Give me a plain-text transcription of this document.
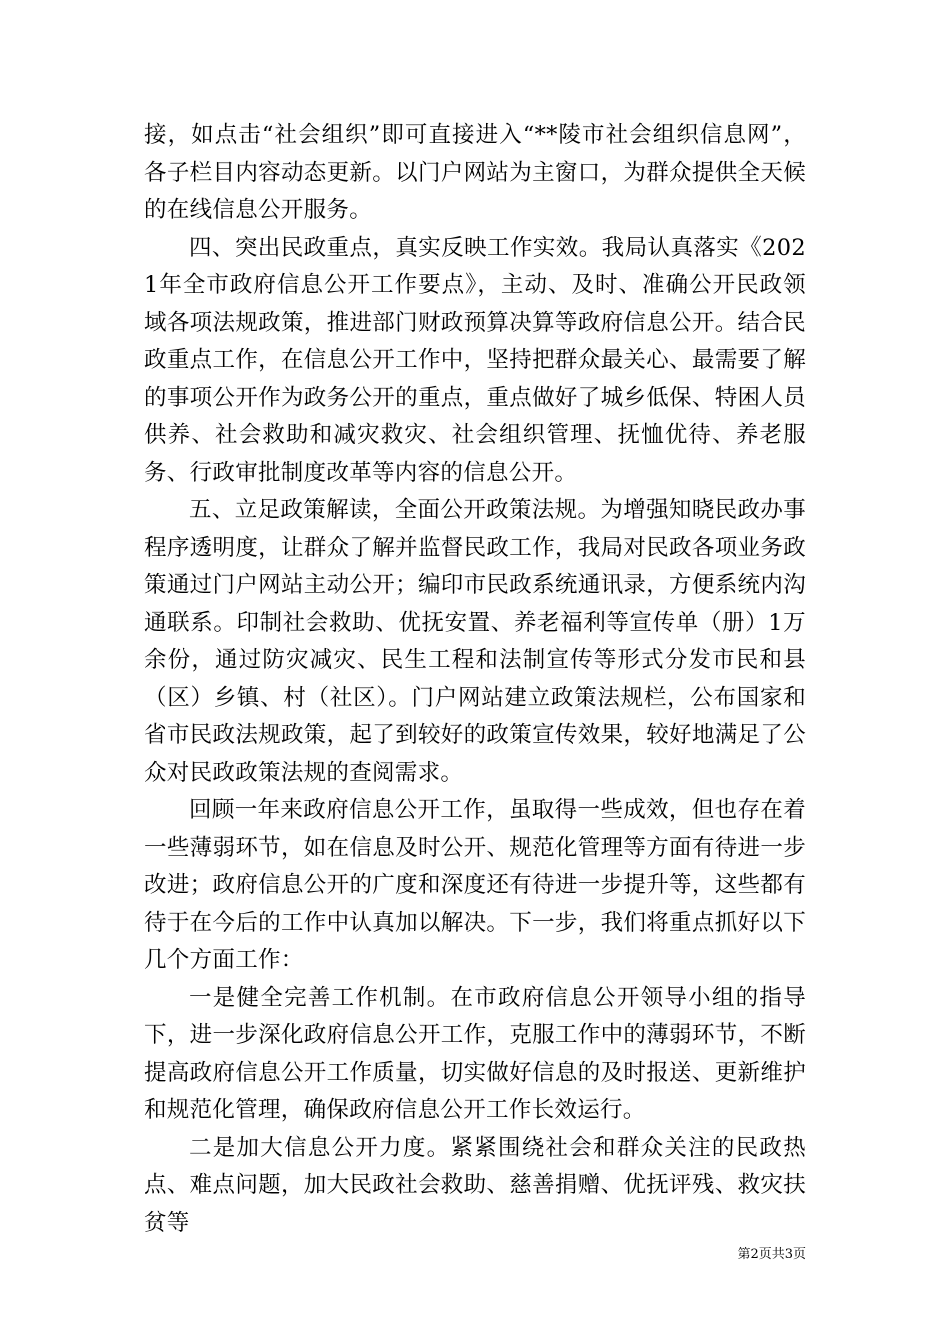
接，如点击“社会组织”即可直接进入“**陵市社会组织信息网”，各子栏目内容动态更新。以门户网站为主窗口，为群众提供全天候的在线信息公开服务。

四、突出民政重点，真实反映工作实效。我局认真落实《2021年全市政府信息公开工作要点》，主动、及时、准确公开民政领域各项法规政策，推进部门财政预算决算等政府信息公开。结合民政重点工作，在信息公开工作中，坚持把群众最关心、最需要了解的事项公开作为政务公开的重点，重点做好了城乡低保、特困人员供养、社会救助和减灾救灾、社会组织管理、抚恤优待、养老服务、行政审批制度改革等内容的信息公开。

五、立足政策解读，全面公开政策法规。为增强知晓民政办事程序透明度，让群众了解并监督民政工作，我局对民政各项业务政策通过门户网站主动公开；编印市民政系统通讯录，方便系统内沟通联系。印制社会救助、优抚安置、养老福利等宣传单（册）1万余份，通过防灾减灾、民生工程和法制宣传等形式分发市民和县（区）乡镇、村（社区）。门户网站建立政策法规栏，公布国家和省市民政法规政策，起了到较好的政策宣传效果，较好地满足了公众对民政政策法规的查阅需求。

回顾一年来政府信息公开工作，虽取得一些成效，但也存在着一些薄弱环节，如在信息及时公开、规范化管理等方面有待进一步改进；政府信息公开的广度和深度还有待进一步提升等，这些都有待于在今后的工作中认真加以解决。下一步，我们将重点抓好以下几个方面工作：

一是健全完善工作机制。在市政府信息公开领导小组的指导下，进一步深化政府信息公开工作，克服工作中的薄弱环节，不断提高政府信息公开工作质量，切实做好信息的及时报送、更新维护和规范化管理，确保政府信息公开工作长效运行。

二是加大信息公开力度。紧紧围绕社会和群众关注的民政热点、难点问题，加大民政社会救助、慈善捐赠、优抚评残、救灾扶贫等

第2页共3页
